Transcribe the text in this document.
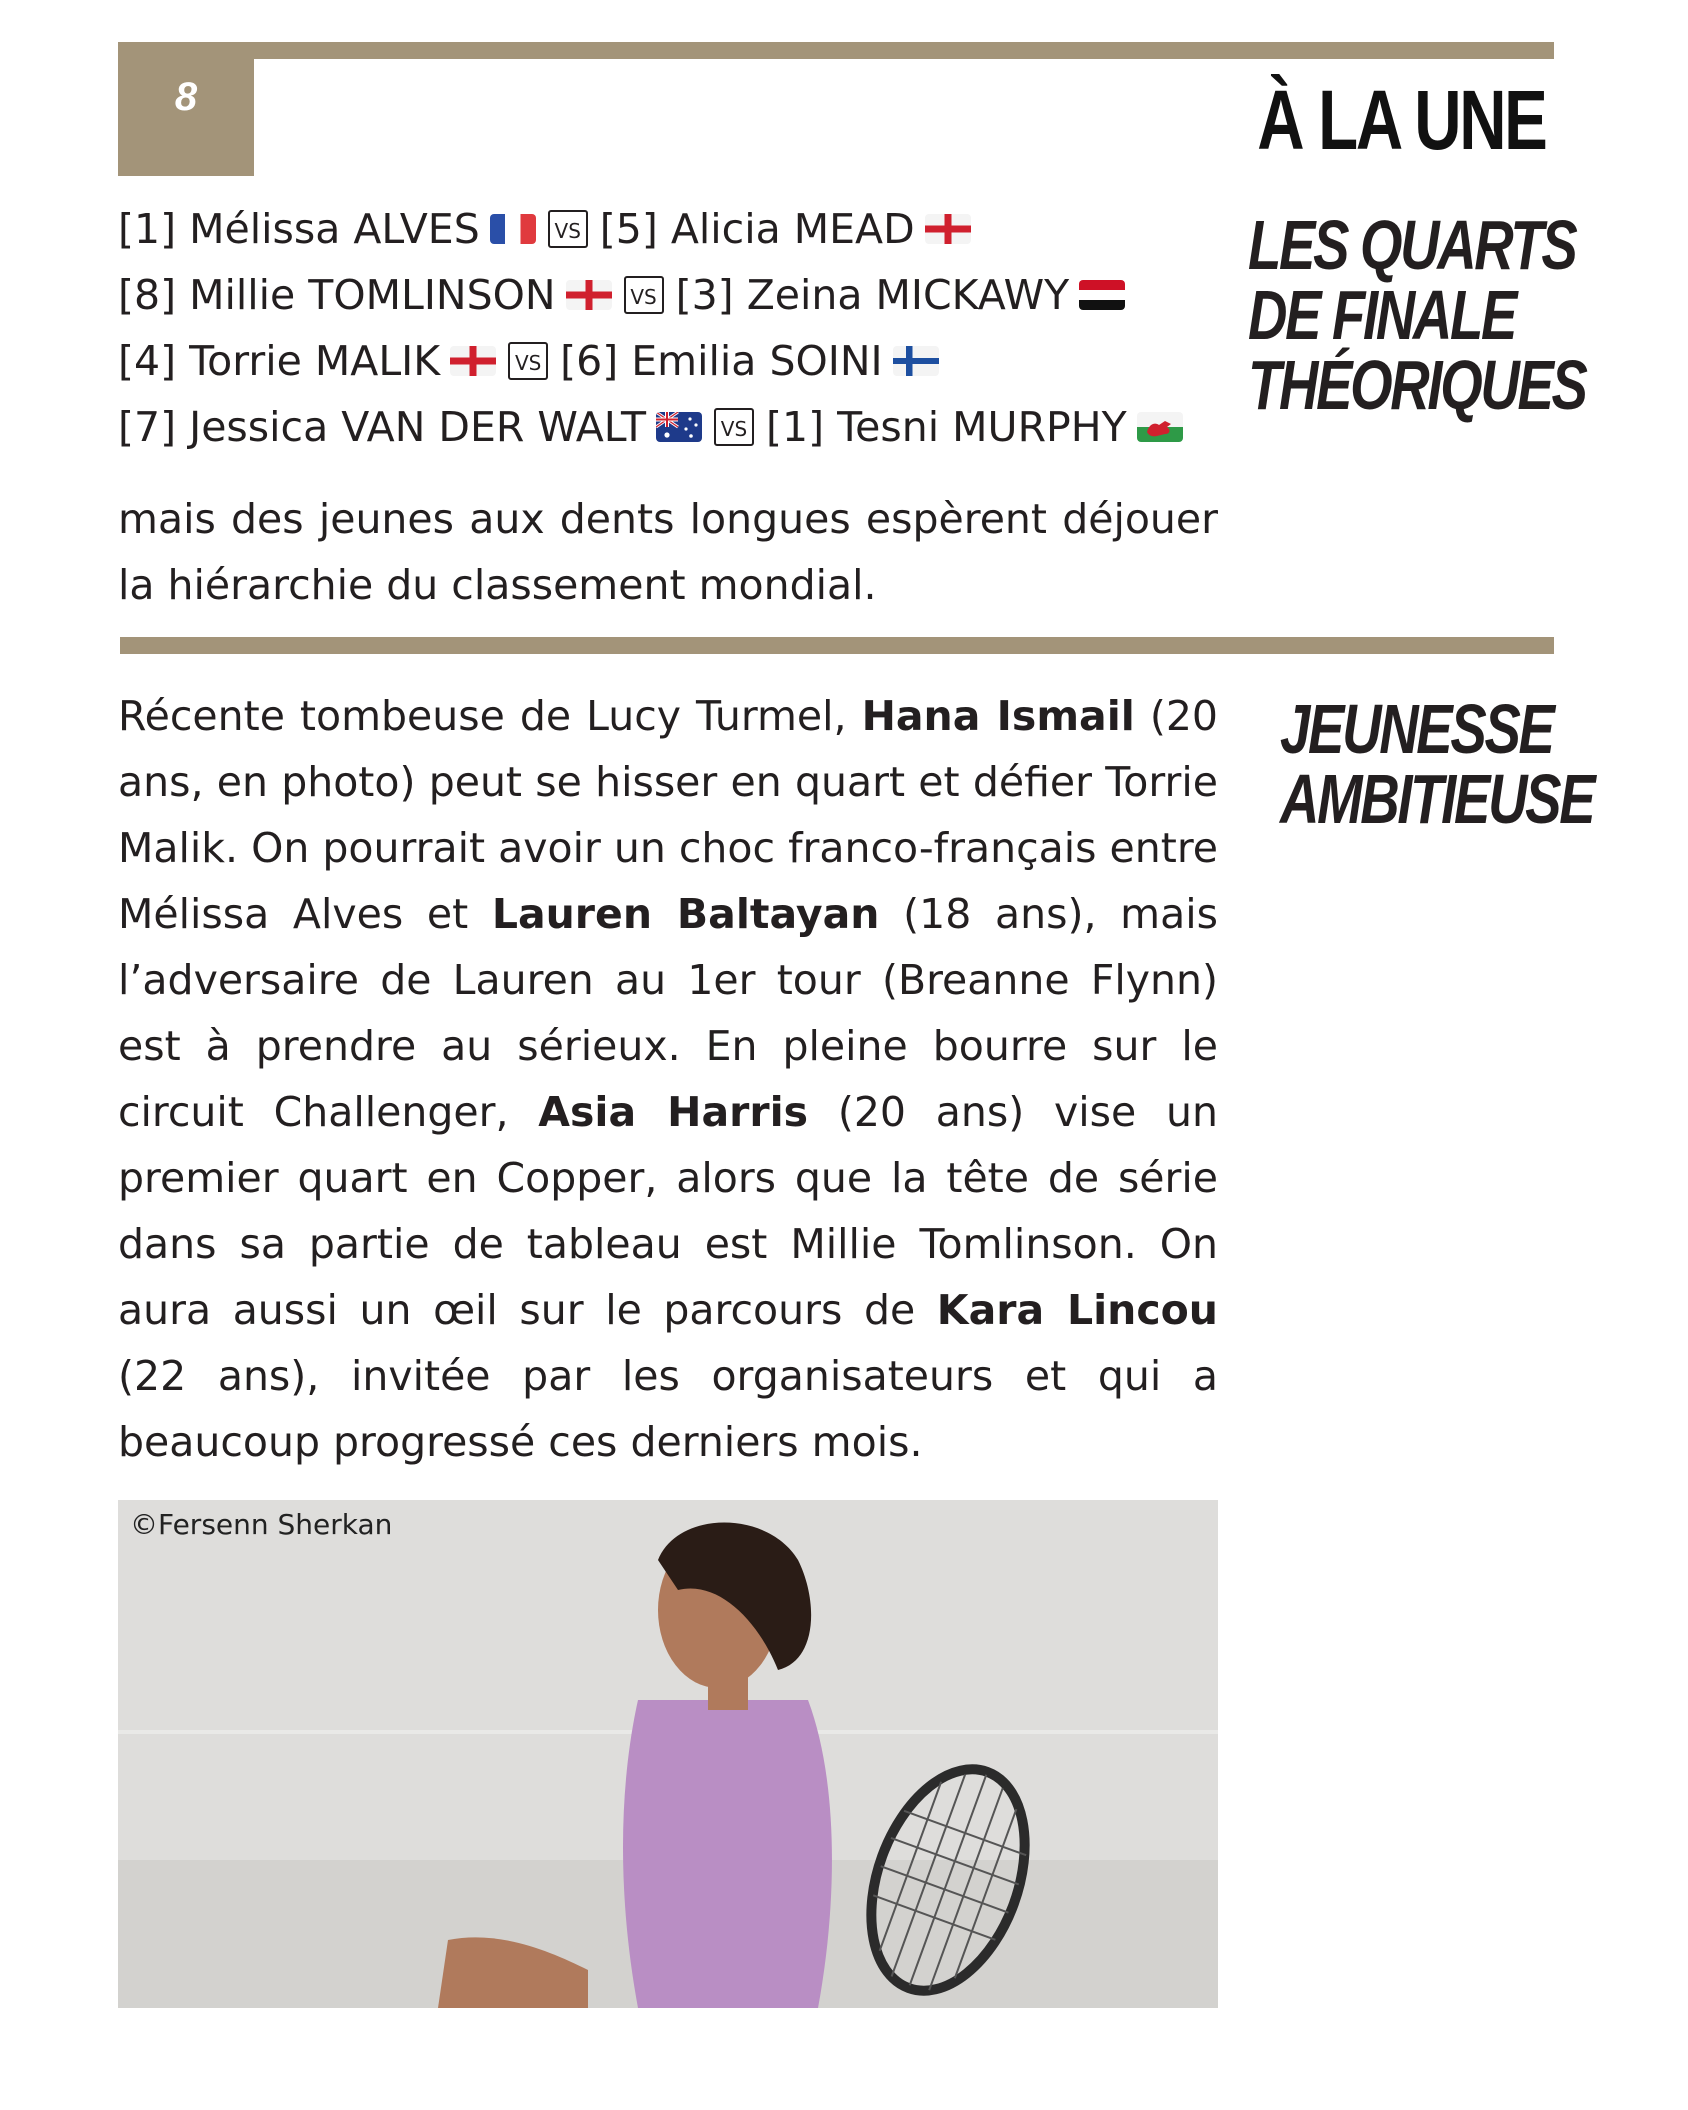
8	À LA UNE
LES QUARTS
DE FINALE
THÉORIQUES
[1] Mélissa ALVES	VS [5] Alicia MEAD
[8] Millie TOMLINSON	VS [3] Zeina MICKAWY
[4] Torrie MALIK	VS [6] Emilia SOINI
[7] Jessica VAN DER WALT	VS [1] Tesni MURPHY
mais des jeunes aux dents longues espèrent déjouer la hiérarchie du classement mondial.
JEUNESSE
AMBITIEUSE
Récente tombeuse de Lucy Turmel, Hana Ismail (20 ans, en photo) peut se hisser en quart et défier Torrie Malik. On pourrait avoir un choc franco-français entre Mélissa Alves et Lauren Baltayan (18 ans), mais l’adversaire de Lauren au 1er tour (Breanne Flynn) est à prendre au sérieux. En pleine bourre sur le circuit Challenger, Asia Harris (20 ans) vise un premier quart en Copper, alors que la tête de série dans sa partie de tableau est Millie Tomlinson. On aura aussi un œil sur le parcours de Kara Lincou (22 ans), invitée par les organisateurs et qui a beaucoup progressé ces derniers mois.
©Fersenn Sherkan
